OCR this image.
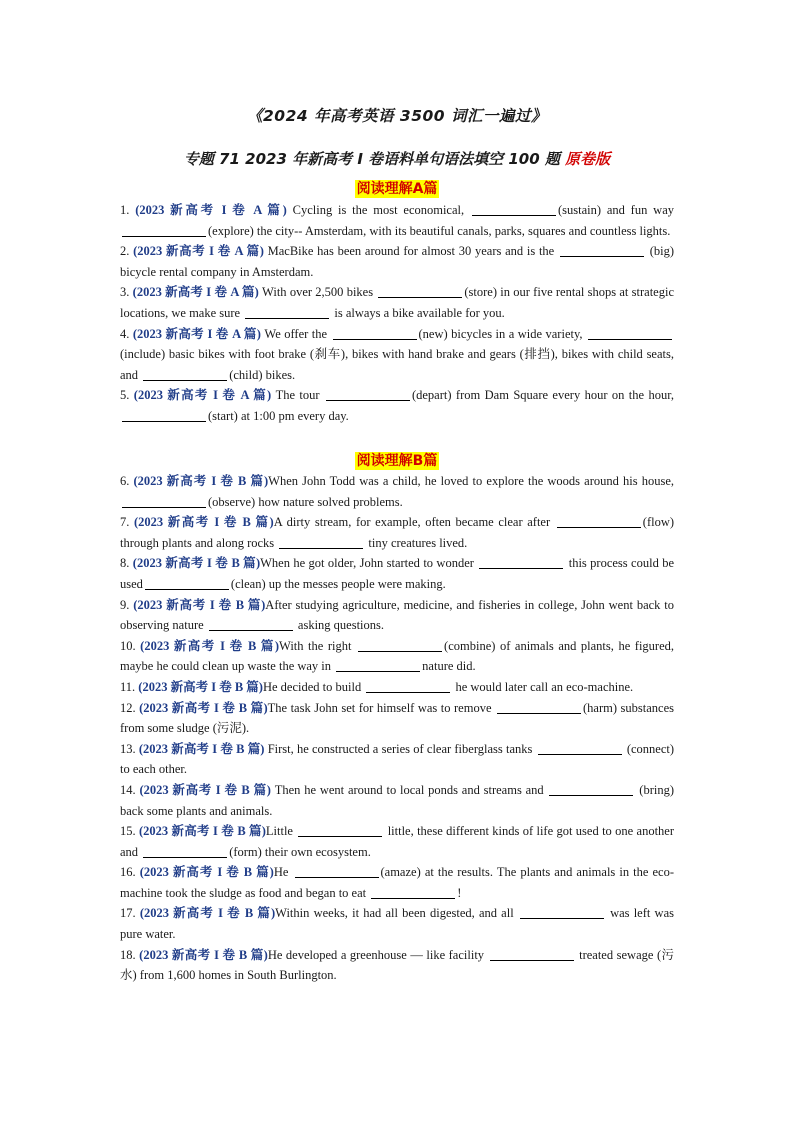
《2024 年高考英语 3500 词汇一遍过》
专题 71 2023 年新高考 I 卷语料单句语法填空 100 题 原卷版
阅读理解A篇
阅读理解B篇
1. (2023 新高考 I 卷 A 篇) Cycling is the most economical,	(sustain) and fun way (explore) the city-- Amsterdam, with its beautiful canals, parks, squares and countless lights.
2. (2023 新高考 I 卷 A 篇) MacBike has been around for almost 30 years and is the	(big) bicycle rental company in Amsterdam.
3. (2023 新高考 I 卷 A 篇) With over 2,500 bikes	(store) in our five rental shops at strategic locations, we make sure	is always a bike available for you.
4. (2023 新高考 I 卷 A 篇) We offer the	(new) bicycles in a wide variety,  (include) basic bikes with foot brake (刹车), bikes with hand brake and gears (排挡), bikes with child seats, and	(child) bikes.
5. (2023 新高考 I 卷 A 篇) The tour	(depart) from Dam Square every hour on the hour, (start) at 1:00 pm every day.
6. (2023 新高考 I 卷 B 篇)When John Todd was a child, he loved to explore the woods around his house, (observe) how nature solved problems.
7. (2023 新高考 I 卷 B 篇)A dirty stream, for example, often became clear after	(flow) through plants and along rocks	tiny creatures lived.
8. (2023 新高考 I 卷 B 篇)When he got older, John started to wonder	this process could be used	(clean) up the messes people were making.
9. (2023 新高考 I 卷 B 篇)After studying agriculture, medicine, and fisheries in college, John went back to observing nature	asking questions.
10. (2023 新高考 I 卷 B 篇)With the right	(combine) of animals and plants, he figured, maybe he could clean up waste the way in	nature did.
11. (2023 新高考 I 卷 B 篇)He decided to build	he would later call an eco-machine.
12. (2023 新高考 I 卷 B 篇)The task John set for himself was to remove	(harm) substances from some sludge (污泥).
13. (2023 新高考 I 卷 B 篇) First, he constructed a series of clear fiberglass tanks	(connect) to each other.
14. (2023 新高考 I 卷 B 篇) Then he went around to local ponds and streams and	(bring) back some plants and animals.
15. (2023 新高考 I 卷 B 篇)Little	little, these different kinds of life got used to one another and	(form) their own ecosystem.
16. (2023 新高考 I 卷 B 篇)He	(amaze) at the results. The plants and animals in the eco-machine took the sludge as food and began to eat	!
17. (2023 新高考 I 卷 B 篇)Within weeks, it had all been digested, and all	was left was pure water.
18. (2023 新高考 I 卷 B 篇)He developed a greenhouse — like facility	treated sewage (污水) from 1,600 homes in South Burlington.
